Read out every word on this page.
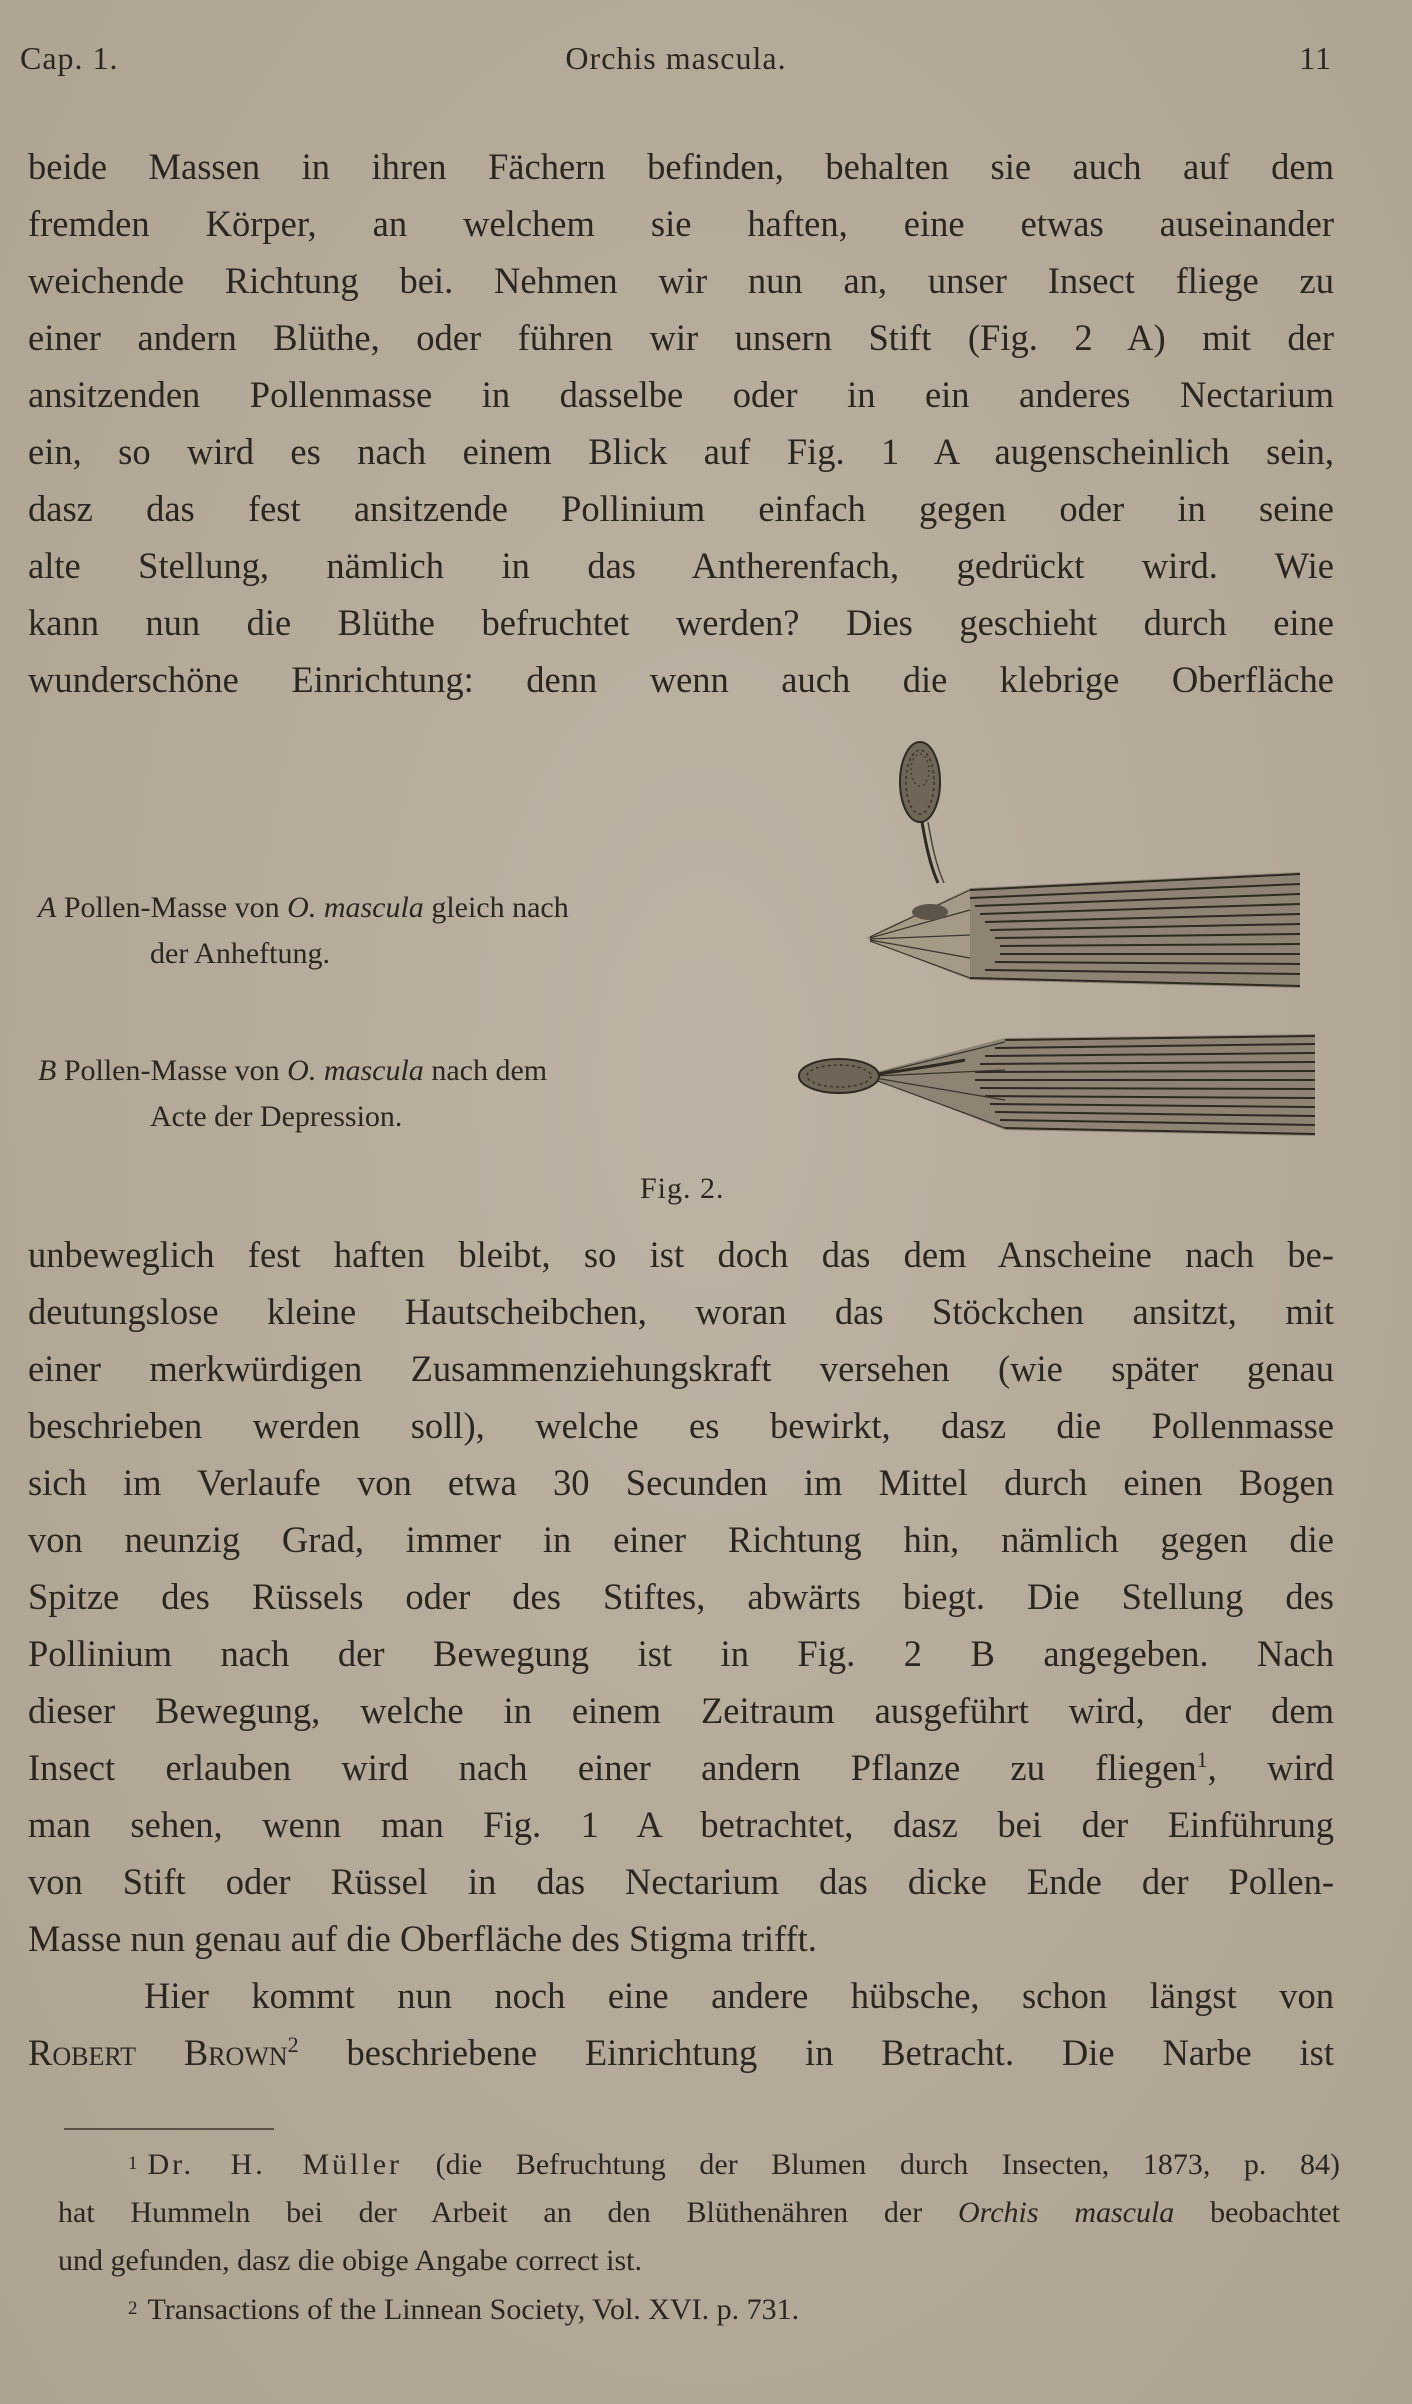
Cap. 1.	Orchis mascula.	11
beide Massen in ihren Fächern befinden, behalten sie auch auf dem
fremden Körper, an welchem sie haften, eine etwas auseinander
weichende Richtung bei. Nehmen wir nun an, unser Insect fliege zu
einer andern Blüthe, oder führen wir unsern Stift (Fig. 2 A) mit der
ansitzenden Pollenmasse in dasselbe oder in ein anderes Nectarium
ein, so wird es nach einem Blick auf Fig. 1 A augenscheinlich sein,
dasz das fest ansitzende Pollinium einfach gegen oder in seine
alte Stellung, nämlich in das Antherenfach, gedrückt wird. Wie
kann nun die Blüthe befruchtet werden? Dies geschieht durch eine
wunderschöne Einrichtung: denn wenn auch die klebrige Oberfläche
A Pollen-Masse von O. mascula gleich nach
der Anheftung.
B Pollen-Masse von O. mascula nach dem
Acte der Depression.
Fig. 2.
unbeweglich fest haften bleibt, so ist doch das dem Anscheine nach be-
deutungslose kleine Hautscheibchen, woran das Stöckchen ansitzt, mit
einer merkwürdigen Zusammenziehungskraft versehen (wie später genau
beschrieben werden soll), welche es bewirkt, dasz die Pollenmasse
sich im Verlaufe von etwa 30 Secunden im Mittel durch einen Bogen
von neunzig Grad, immer in einer Richtung hin, nämlich gegen die
Spitze des Rüssels oder des Stiftes, abwärts biegt. Die Stellung des
Pollinium nach der Bewegung ist in Fig. 2 B angegeben. Nach
dieser Bewegung, welche in einem Zeitraum ausgeführt wird, der dem
Insect erlauben wird nach einer andern Pflanze zu fliegen$^1$, wird
man sehen, wenn man Fig. 1 A betrachtet, dasz bei der Einführung
von Stift oder Rüssel in das Nectarium das dicke Ende der Pollen-
Masse nun genau auf die Oberfläche des Stigma trifft.
Hier kommt nun noch eine andere hübsche, schon längst von
Robert Brown$^2$ beschriebene Einrichtung in Betracht. Die Narbe ist
1 Dr. H. Müller (die Befruchtung der Blumen durch Insecten, 1873, p. 84)
hat Hummeln bei der Arbeit an den Blüthenähren der Orchis mascula beobachtet
und gefunden, dasz die obige Angabe correct ist.
2 Transactions of the Linnean Society, Vol. XVI. p. 731.
